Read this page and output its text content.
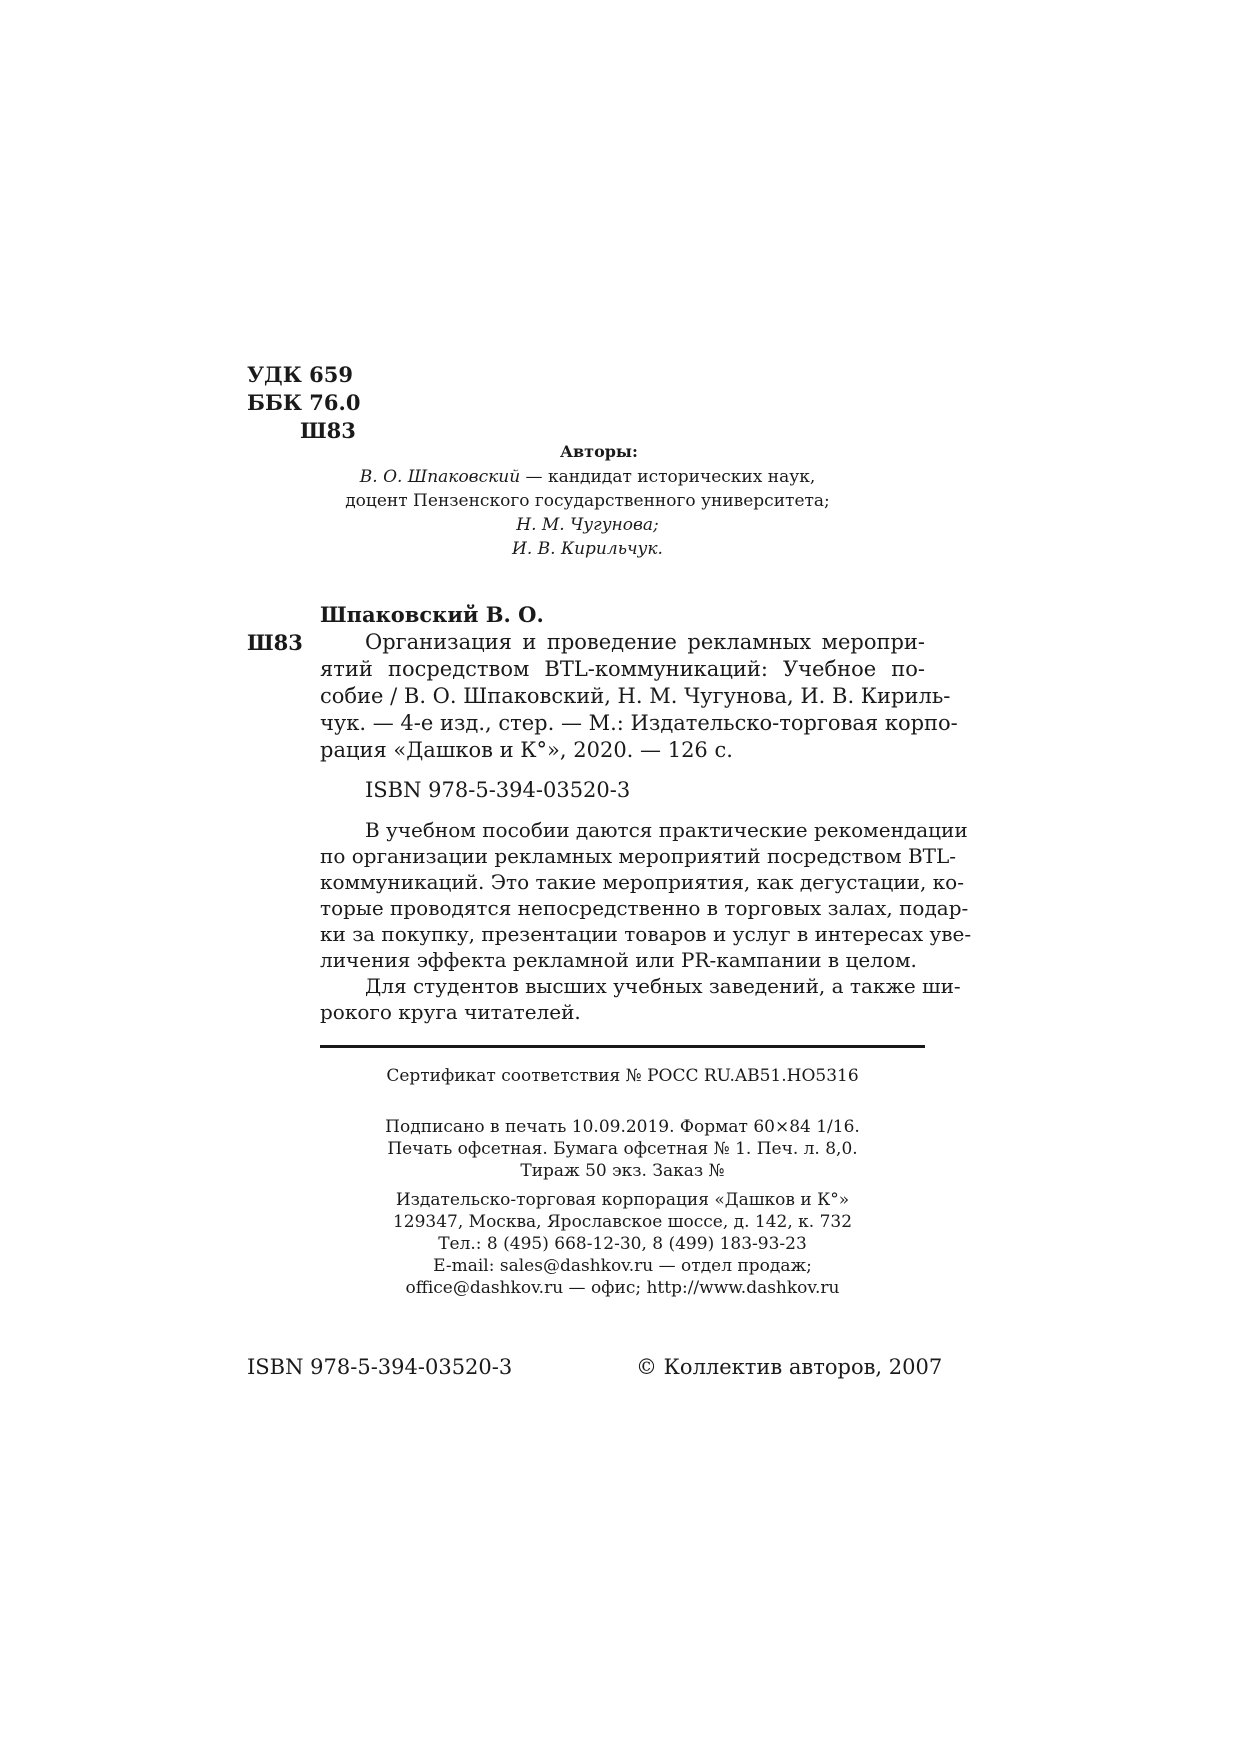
УДК 659
ББК 76.0
Ш83
Авторы:
В. О. Шпаковский — кандидат исторических наук,
доцент Пензенского государственного университета;
Н. М. Чугунова;
И. В. Кирильчук.
Шпаковский В. О.
Ш83	Организация и проведение рекламных меропри-
ятий посредством BTL-коммуникаций: Учебное по-
собие / В. О. Шпаковский, Н. М. Чугунова, И. В. Кириль-
чук. — 4-е изд., стер. — М.: Издательско-торговая корпо-
рация «Дашков и К°», 2020. — 126 с.
ISBN 978-5-394-03520-3
В учебном пособии даются практические рекомендации
по организации рекламных мероприятий посредством BTL-
коммуникаций. Это такие мероприятия, как дегустации, ко-
торые проводятся непосредственно в торговых залах, подар-
ки за покупку, презентации товаров и услуг в интересах уве-
личения эффекта рекламной или PR-кампании в целом.
Для студентов высших учебных заведений, а также ши-
рокого круга читателей.
Сертификат соответствия № РОСС RU.AB51.HO5316
Подписано в печать 10.09.2019. Формат 60×84 1/16.
Печать офсетная. Бумага офсетная № 1. Печ. л. 8,0.
Тираж 50 экз. Заказ №
Издательско-торговая корпорация «Дашков и К°»
129347, Москва, Ярославское шоссе, д. 142, к. 732
Тел.: 8 (495) 668-12-30, 8 (499) 183-93-23
E-mail: sales@dashkov.ru — отдел продаж;
office@dashkov.ru — офис; http://www.dashkov.ru
ISBN 978-5-394-03520-3	© Коллектив авторов, 2007
